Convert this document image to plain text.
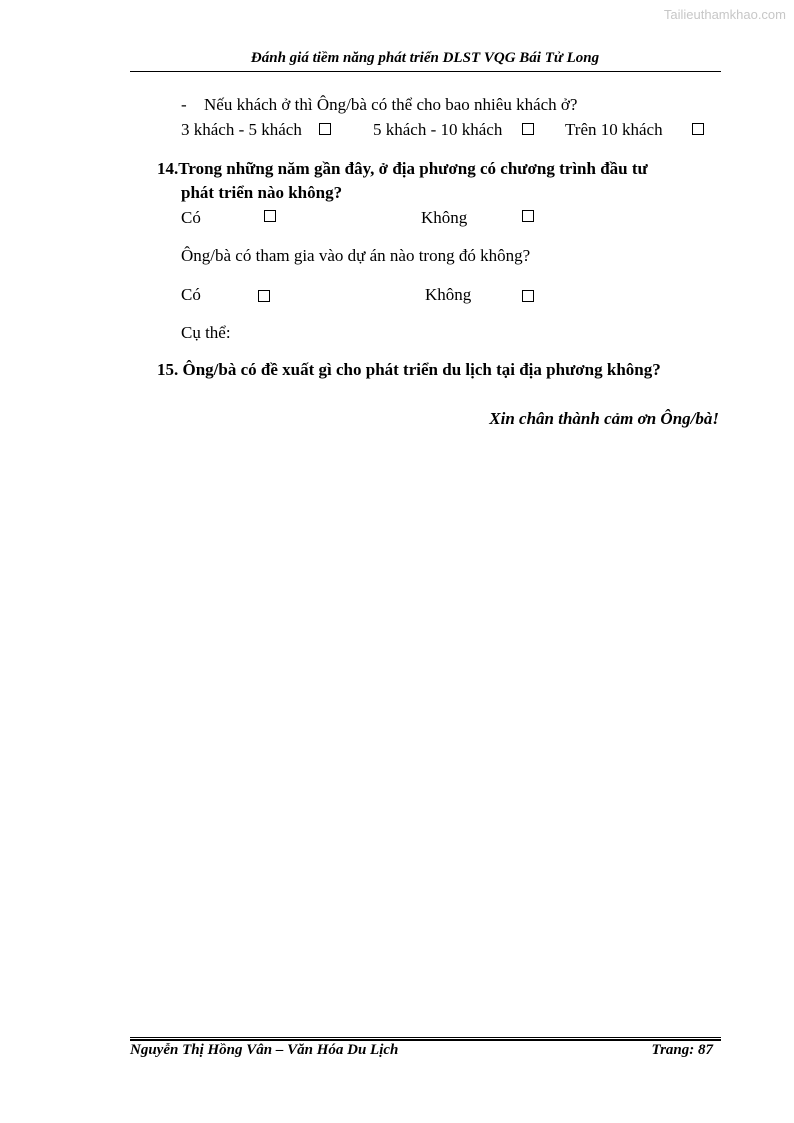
Tailieuthamkhao.com
Đánh giá tiềm năng phát triển DLST VQG Bái Tử Long
- Nếu khách ở thì Ông/bà có thể cho bao nhiêu khách ở?
3 khách - 5 khách	5 khách - 10 khách	Trên 10 khách
14.Trong những năm gần đây, ở địa phương có chương trình đầu tư
phát triển nào không?
Có	Không
Ông/bà có tham gia vào dự án nào trong đó không?
Có	Không
Cụ thể:
15. Ông/bà có đề xuất gì cho phát triển du lịch tại địa phương không?
Xin chân thành cảm ơn Ông/bà!
Nguyễn Thị Hồng Vân – Văn Hóa Du Lịch	Trang: 87
